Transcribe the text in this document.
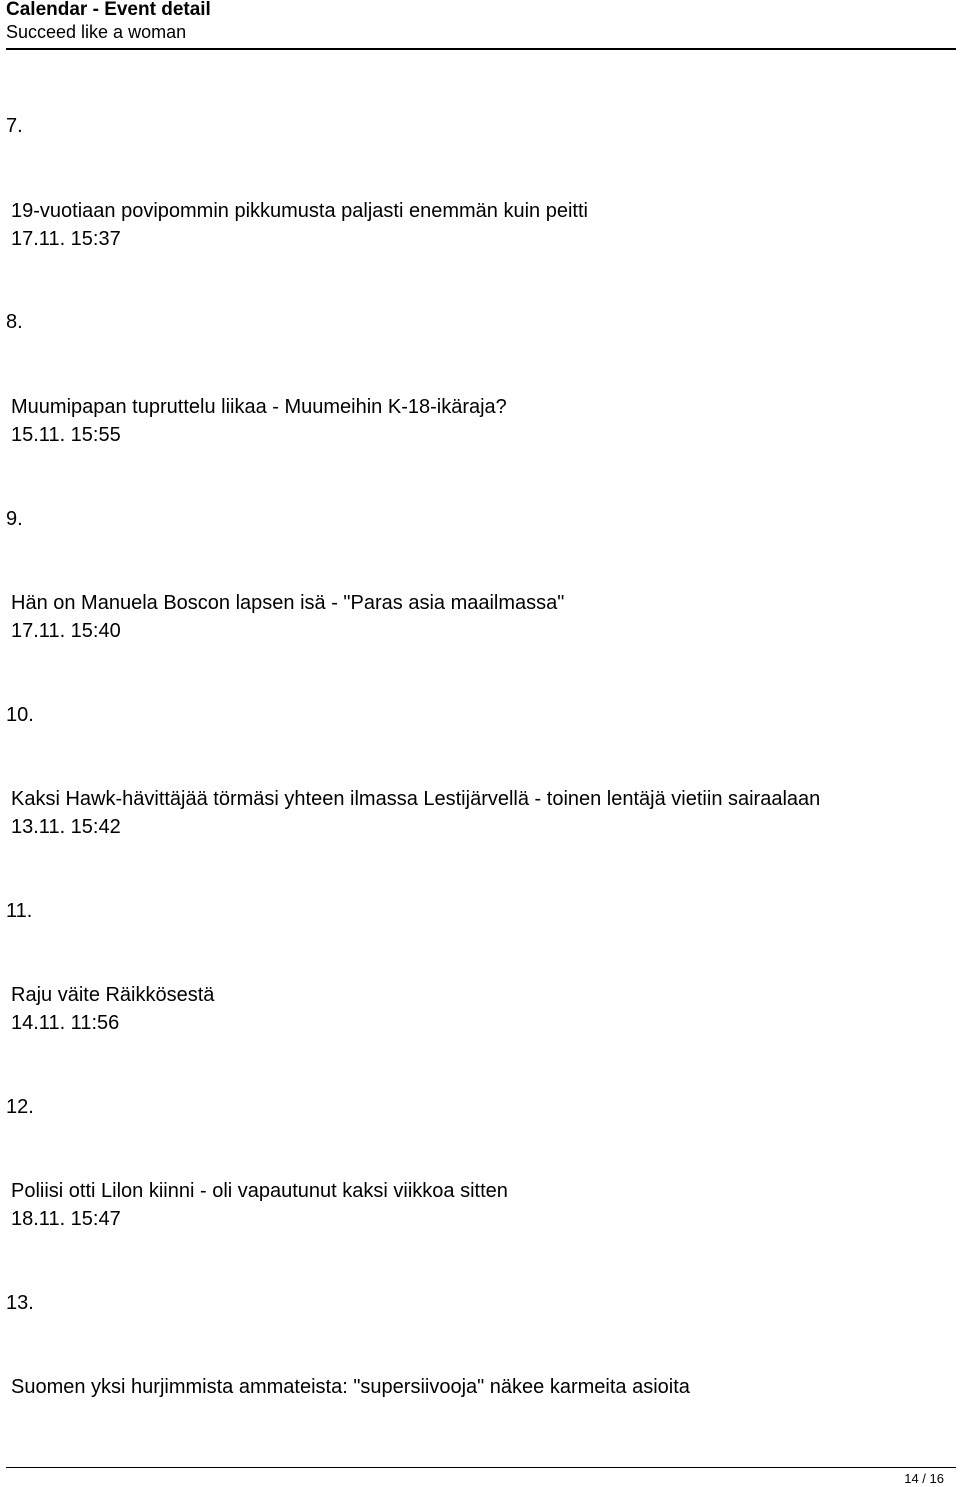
Calendar - Event detail
Succeed like a woman
7.
19-vuotiaan povipommin pikkumusta paljasti enemmän kuin peitti
17.11. 15:37
8.
Muumipapan tupruttelu liikaa - Muumeihin K-18-ikäraja?
15.11. 15:55
9.
Hän on Manuela Boscon lapsen isä - "Paras asia maailmassa"
17.11. 15:40
10.
Kaksi Hawk-hävittäjää törmäsi yhteen ilmassa Lestijärvellä - toinen lentäjä vietiin sairaalaan
13.11. 15:42
11.
Raju väite Räikkösestä
14.11. 11:56
12.
Poliisi otti Lilon kiinni - oli vapautunut kaksi viikkoa sitten
18.11. 15:47
13.
Suomen yksi hurjimmista ammateista: "supersiivooja" näkee karmeita asioita
14 / 16
